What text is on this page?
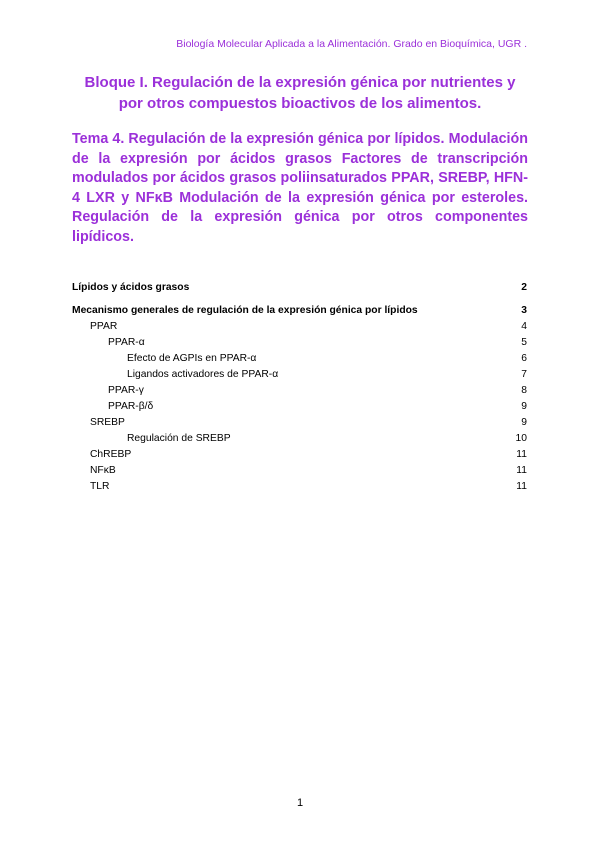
Biología Molecular Aplicada a la Alimentación. Grado en Bioquímica, UGR .
Bloque I. Regulación de la expresión génica por nutrientes y por otros compuestos bioactivos de los alimentos.
Tema 4. Regulación de la expresión génica por lípidos. Modulación de la expresión por ácidos grasos Factores de transcripción modulados por ácidos grasos poliinsaturados PPAR, SREBP, HFN-4 LXR y NFκB Modulación de la expresión génica por esteroles. Regulación de la expresión génica por otros componentes lipídicos.
Lípidos y ácidos grasos	2
Mecanismo generales de regulación de la expresión génica por lípidos	3
PPAR	4
PPAR-α	5
Efecto de AGPIs en PPAR-α	6
Ligandos activadores de PPAR-α	7
PPAR-γ	8
PPAR-β/δ	9
SREBP	9
Regulación de SREBP	10
ChREBP	11
NFκB	11
TLR	11
1
